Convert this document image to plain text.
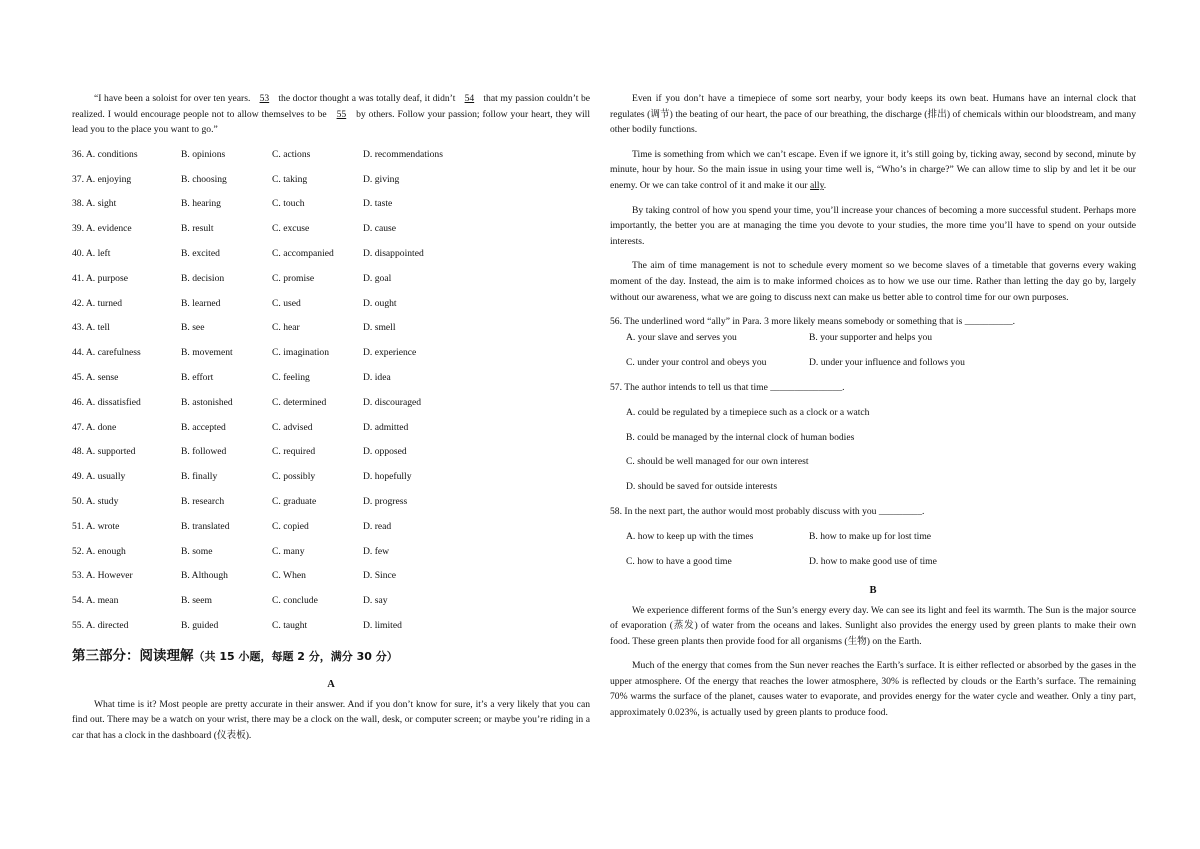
“I have been a soloist for over ten years. 53 the doctor thought a was totally deaf, it didn’t 54 that my passion couldn’t be realized. I would encourage people not to allow themselves to be 55 by others. Follow your passion; follow your heart, they will lead you to the place you want to go.”

36. A. conditions	B. opinions	C. actions	D. recommendations
37. A. enjoying	B. choosing	C. taking	D. giving
38. A. sight	B. hearing	C. touch	D. taste
39. A. evidence	B. result	C. excuse	D. cause
40. A. left	B. excited	C. accompanied	D. disappointed
41. A. purpose	B. decision	C. promise	D. goal
42. A. turned	B. learned	C. used	D. ought
43. A. tell	B. see	C. hear	D. smell
44. A. carefulness	B. movement	C. imagination	D. experience
45. A. sense	B. effort	C. feeling	D. idea
46. A. dissatisfied	B. astonished	C. determined	D. discouraged
47. A. done	B. accepted	C. advised	D. admitted
48. A. supported	B. followed	C. required	D. opposed
49. A. usually	B. finally	C. possibly	D. hopefully
50. A. study	B. research	C. graduate	D. progress
51. A. wrote	B. translated	C. copied	D. read
52. A. enough	B. some	C. many	D. few
53. A. However	B. Although	C. When	D. Since
54. A. mean	B. seem	C. conclude	D. say
55. A. directed	B. guided	C. taught	D. limited
第三部分：阅读理解（共 15 小题，每题 2 分，满分 30 分）

A

What time is it? Most people are pretty accurate in their answer. And if you don’t know for sure, it’s a very likely that you can find out. There may be a watch on your wrist, there may be a clock on the wall, desk, or computer screen; or maybe you’re riding in a car that has a clock in the dashboard (仪表板).

Even if you don’t have a timepiece of some sort nearby, your body keeps its own beat. Humans have an internal clock that regulates (调节) the beating of our heart, the pace of our breathing, the discharge (排出) of chemicals within our bloodstream, and many other bodily functions.

Time is something from which we can’t escape. Even if we ignore it, it’s still going by, ticking away, second by second, minute by minute, hour by hour. So the main issue in using your time well is, “Who’s in charge?” We can allow time to slip by and let it be our enemy. Or we can take control of it and make it our ally.

By taking control of how you spend your time, you’ll increase your chances of becoming a more successful student. Perhaps more importantly, the better you are at managing the time you devote to your studies, the more time you’ll have to spend on your outside interests.

The aim of time management is not to schedule every moment so we become slaves of a timetable that governs every waking moment of the day. Instead, the aim is to make informed choices as to how we use our time. Rather than letting the day go by, largely without our awareness, what we are going to discuss next can make us better able to control time for our own purposes.

56. The underlined word “ally” in Para. 3 more likely means somebody or something that is __________.

A. your slave and serves you	B. your supporter and helps you
C. under your control and obeys you	D. under your influence and follows you

57. The author intends to tell us that time _______________.

A. could be regulated by a timepiece such as a clock or a watch
B. could be managed by the internal clock of human bodies
C. should be well managed for our own interest
D. should be saved for outside interests

58. In the next part, the author would most probably discuss with you _________.

A. how to keep up with the times	B. how to make up for lost time
C. how to have a good time	D. how to make good use of time

B

We experience different forms of the Sun’s energy every day. We can see its light and feel its warmth. The Sun is the major source of evaporation (蒸发) of water from the oceans and lakes. Sunlight also provides the energy used by green plants to make their own food. These green plants then provide food for all organisms (生物) on the Earth.

Much of the energy that comes from the Sun never reaches the Earth’s surface. It is either reflected or absorbed by the gases in the upper atmosphere. Of the energy that reaches the lower atmosphere, 30% is reflected by clouds or the Earth’s surface. The remaining 70% warms the surface of the planet, causes water to evaporate, and provides energy for the water cycle and weather. Only a tiny part, approximately 0.023%, is actually used by green plants to produce food.
